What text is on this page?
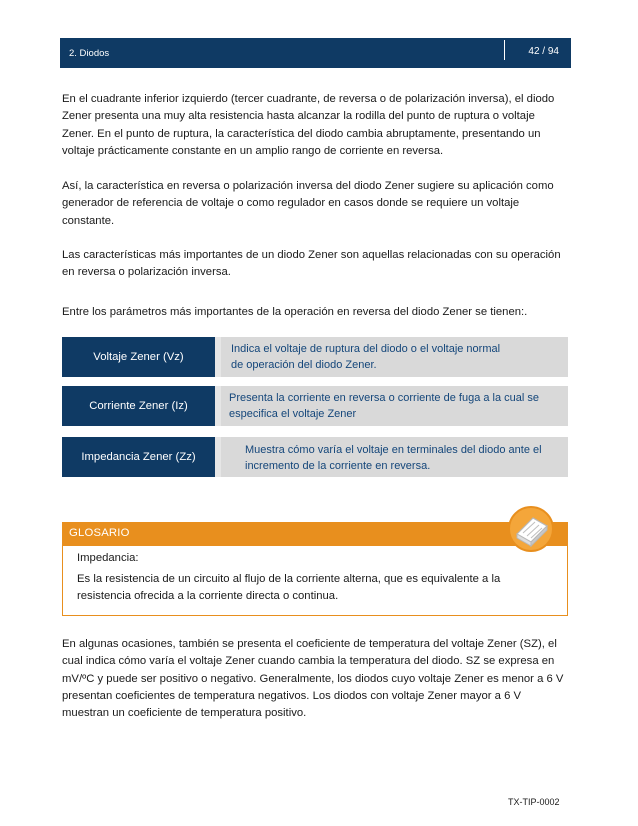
2. Diodos	42 / 94

En el cuadrante inferior izquierdo (tercer cuadrante, de reversa o de polarización inversa), el diodo Zener presenta una muy alta resistencia hasta alcanzar la rodilla del punto de ruptura o voltaje Zener. En el punto de ruptura, la característica del diodo cambia abruptamente, presentando un voltaje prácticamente constante en un amplio rango de corriente en reversa.

Así, la característica en reversa o polarización inversa del diodo Zener sugiere su aplicación como generador de referencia de voltaje o como regulador en casos donde se requiere un voltaje constante.

Las características más importantes de un diodo Zener son aquellas relacionadas con su operación en reversa o polarización inversa.

Entre los parámetros más importantes de la operación en reversa del diodo Zener se tienen:.

Voltaje Zener (Vz)
Indica el voltaje de ruptura del diodo o el voltaje normal
de operación del diodo Zener.
Corriente Zener (Iz)
Presenta la corriente en reversa o corriente de fuga a la cual se
especifica el voltaje Zener
Impedancia Zener (Zz)
Muestra cómo varía el voltaje en terminales del diodo ante el
incremento de la corriente en reversa.
GLOSARIO
Impedancia:
Es la resistencia de un circuito al flujo de la corriente alterna, que es equivalente a la resistencia ofrecida a la corriente directa o continua.

En algunas ocasiones, también se presenta el coeficiente de temperatura del voltaje Zener (SZ), el cual indica cómo varía el voltaje Zener cuando cambia la temperatura del diodo. SZ se expresa en mV/ºC y puede ser positivo o negativo. Generalmente, los diodos cuyo voltaje Zener es menor a 6 V presentan coeficientes de temperatura negativos. Los diodos con voltaje Zener mayor a 6 V muestran un coeficiente de temperatura positivo.

TX-TIP-0002
